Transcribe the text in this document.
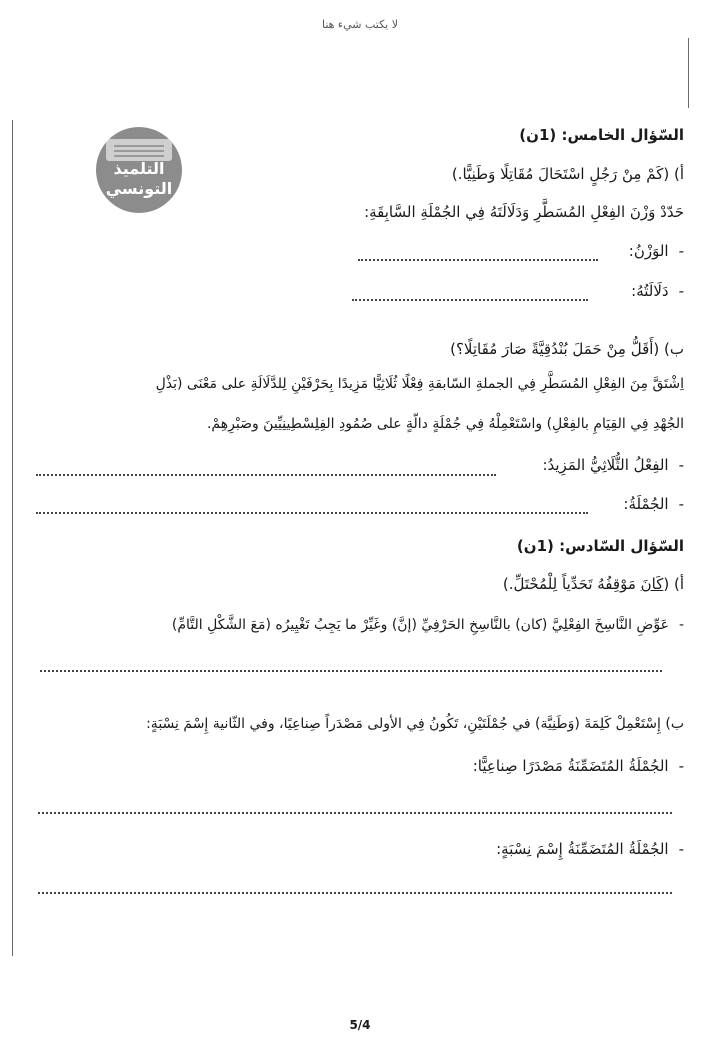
لا يكتب شيء هنا
التلميذ
التونسي
السّؤال الخامس: (1ن)
أ) (كَمْ مِنْ رَجُلٍ اسْتَحَالَ مُقَاتِلًا وَطَنِيًّا.)
حَدّدْ وَزْنَ الفِعْلِ المُسَطَّرِ وَدَلَالَتَهُ فِي الجُمْلَةِ السَّابِقَةِ:
-الوَزْنُ:
-دَلَالَتُهُ:
ب) (أَقَلُّ مِنْ حَمَلَ بُنْدُقِيَّةً صَارَ مُقَاتِلًا؟)
اِشْتَقَّ مِنَ الفِعْلِ المُسَطَّرِ فِي الجملةِ السّابقةِ فِعْلًا ثُلَاثِيًّا مَزِيدًا بِحَرْفَيْنِ لِلدَّلَالَةِ على مَعْنَى (بَذْلِ
الجُهْدِ فِي القِيَامِ بالفِعْلِ) واسْتَعْمِلْهُ فِي جُمْلَةٍ دالّةٍ على صُمُودِ الفِلِسْطِينِيِّينَ وصَبْرِهِمْ.
-الفِعْلُ الثُّلَاثِيُّ المَزِيدُ:
-الجُمْلَةُ:
السّؤال السّادس: (1ن)
أ) (كَانَ مَوْقِفُهُ تَحَدِّياً لِلْمُحْتَلِّ.)
-عَوِّضِ النَّاسِخَ الفِعْلِيَّ (كان) بالنَّاسِخِ الحَرْفِيِّ (إنَّ) وغَيِّرْ ما يَجِبُ تَغْيِيرُه (مَعَ الشَّكْلِ التَّامِّ)
ب) إِسْتَعْمِلْ كَلِمَةَ (وَطَنِيَّة) في جُمْلَتَيْنِ، تَكُونُ فِي الأولى مَصْدَراً صِناعِيًا، وفي الثّانية إِسْمَ نِسْبَةٍ:
-الجُمْلَةُ المُتَضَمِّنَةُ مَصْدَرًا صِناعِيًّا:
-الجُمْلَةُ المُتَضَمِّنَةُ إِسْمَ نِسْبَةٍ:
5/4
